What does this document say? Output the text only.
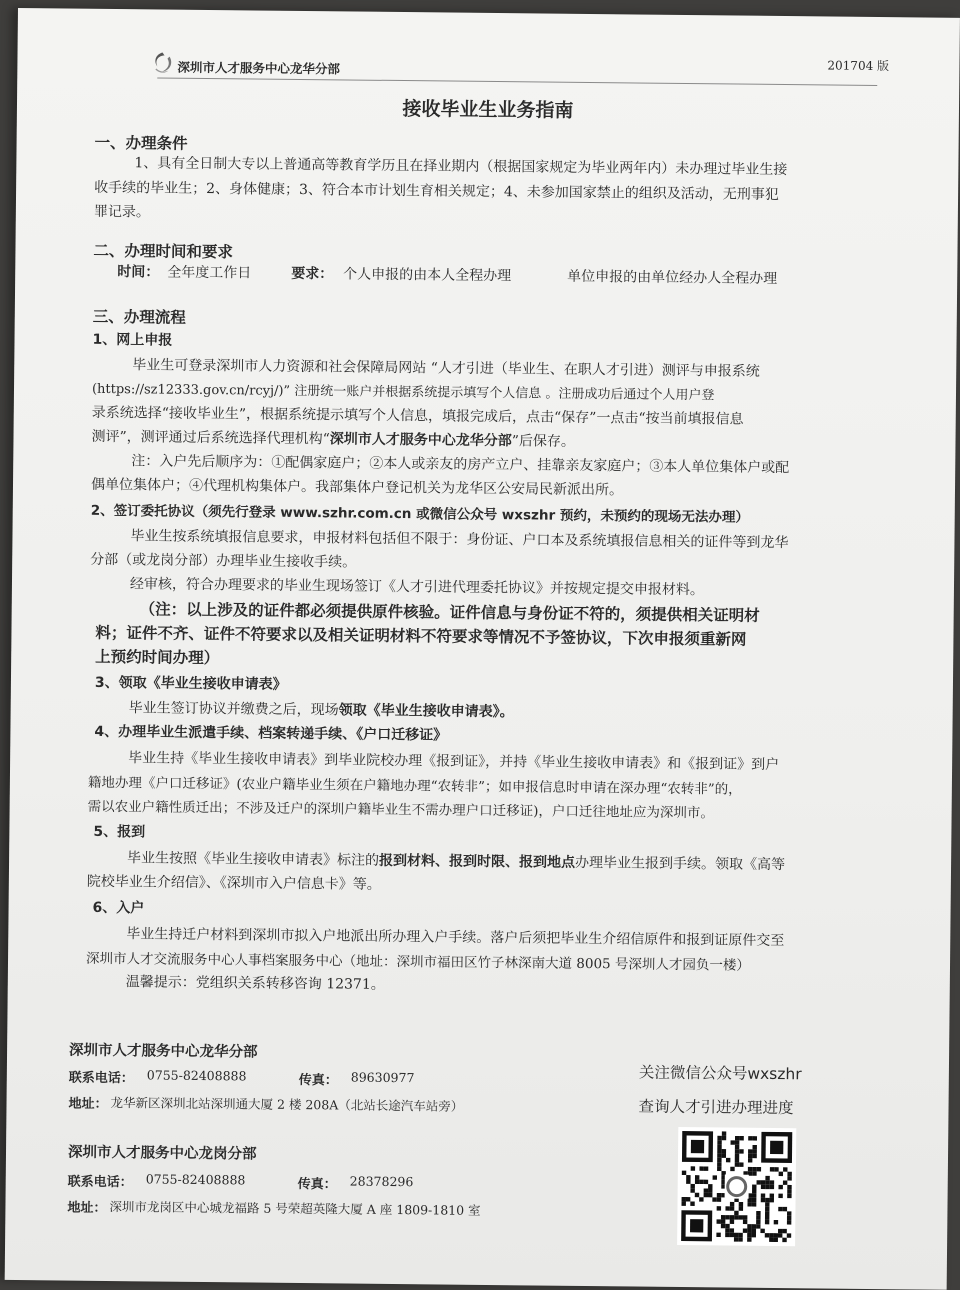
深圳市人才服务中心龙华分部	201704 版
接收毕业生业务指南
一、办理条件
1、具有全日制大专以上普通高等教育学历且在择业期内（根据国家规定为毕业两年内）未办理过毕业生接
收手续的毕业生；2、身体健康；3、符合本市计划生育相关规定；4、未参加国家禁止的组织及活动，无刑事犯
罪记录。
二、办理时间和要求
时间： 全年度工作日	要求： 个人申报的由本人全程办理	单位申报的由单位经办人全程办理
三、办理流程
1、网上申报
毕业生可登录深圳市人力资源和社会保障局网站 “人才引进（毕业生、在职人才引进）测评与申报系统
(https://sz12333.gov.cn/rcyj/)” 注册统一账户并根据系统提示填写个人信息 。注册成功后通过个人用户登
录系统选择“接收毕业生”，根据系统提示填写个人信息，填报完成后，点击“保存”一点击“按当前填报信息
测评”，测评通过后系统选择代理机构“深圳市人才服务中心龙华分部”后保存。
注：入户先后顺序为：①配偶家庭户；②本人或亲友的房产立户、挂靠亲友家庭户；③本人单位集体户或配
偶单位集体户；④代理机构集体户。我部集体户登记机关为龙华区公安局民新派出所。
2、签订委托协议（须先行登录 www.szhr.com.cn 或微信公众号 wxszhr 预约，未预约的现场无法办理）
毕业生按系统填报信息要求，申报材料包括但不限于：身份证、户口本及系统填报信息相关的证件等到龙华
分部（或龙岗分部）办理毕业生接收手续。
经审核，符合办理要求的毕业生现场签订《人才引进代理委托协议》并按规定提交申报材料。
（注：以上涉及的证件都必须提供原件核验。证件信息与身份证不符的，须提供相关证明材
料；证件不齐、证件不符要求以及相关证明材料不符要求等情况不予签协议，下次申报须重新网
上预约时间办理）
3、领取《毕业生接收申请表》
毕业生签订协议并缴费之后，现场领取《毕业生接收申请表》。
4、办理毕业生派遣手续、档案转递手续、《户口迁移证》
毕业生持《毕业生接收申请表》到毕业院校办理《报到证》，并持《毕业生接收申请表》和《报到证》到户
籍地办理《户口迁移证》(农业户籍毕业生须在户籍地办理“农转非”；如申报信息时申请在深办理“农转非”的，
需以农业户籍性质迁出；不涉及迁户的深圳户籍毕业生不需办理户口迁移证)，户口迁往地址应为深圳市。
5、报到
毕业生按照《毕业生接收申请表》标注的报到材料、报到时限、报到地点办理毕业生报到手续。领取《高等
院校毕业生介绍信》、《深圳市入户信息卡》等。
6、入户
毕业生持迁户材料到深圳市拟入户地派出所办理入户手续。落户后须把毕业生介绍信原件和报到证原件交至
深圳市人才交流服务中心人事档案服务中心（地址：深圳市福田区竹子林深南大道 8005 号深圳人才园负一楼）
温馨提示：党组织关系转移咨询 12371。
深圳市人才服务中心龙华分部
联系电话： 0755-82408888	传真： 89630977
地址： 龙华新区深圳北站深圳通大厦 2 楼 208A（北站长途汽车站旁）
深圳市人才服务中心龙岗分部
联系电话： 0755-82408888	传真： 28378296
地址： 深圳市龙岗区中心城龙福路 5 号荣超英隆大厦 A 座 1809-1810 室
关注微信公众号wxszhr
查询人才引进办理进度
